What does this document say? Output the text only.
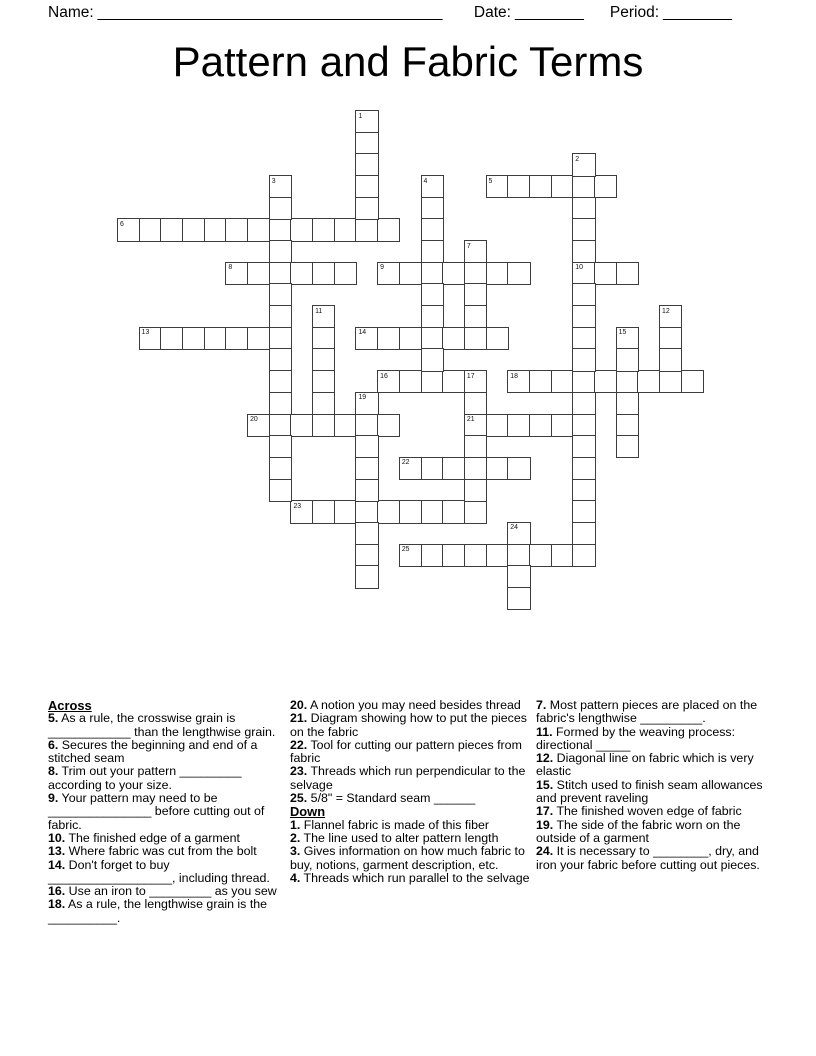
Name: ________________________________________ Date: ________ Period: ________
Pattern and Fabric Terms
5
6
8	9	10
13	14
16	18
20	21
22
23
25
1
2
3	4
7
11	12
15
17
19
24

Across

5. As a rule, the crosswise grain is ____________ than the lengthwise grain.

6. Secures the beginning and end of a stitched seam

8. Trim out your pattern _________ according to your size.

9. Your pattern may need to be _______________ before cutting out of fabric.

10. The finished edge of a garment

13. Where fabric was cut from the bolt

14. Don't forget to buy __________________, including thread.

16. Use an iron to _________ as you sew

18. As a rule, the lengthwise grain is the __________.

20. A notion you may need besides thread

21. Diagram showing how to put the pieces on the fabric

22. Tool for cutting our pattern pieces from fabric

23. Threads which run perpendicular to the selvage

25. 5/8" = Standard seam ______

Down

1. Flannel fabric is made of this fiber

2. The line used to alter pattern length

3. Gives information on how much fabric to buy, notions, garment description, etc.

4. Threads which run parallel to the selvage

7. Most pattern pieces are placed on the fabric's lengthwise _________.

11. Formed by the weaving process: directional _____

12. Diagonal line on fabric which is very elastic

15. Stitch used to finish seam allowances and prevent raveling

17. The finished woven edge of fabric

19. The side of the fabric worn on the outside of a garment

24. It is necessary to ________, dry, and iron your fabric before cutting out pieces.
